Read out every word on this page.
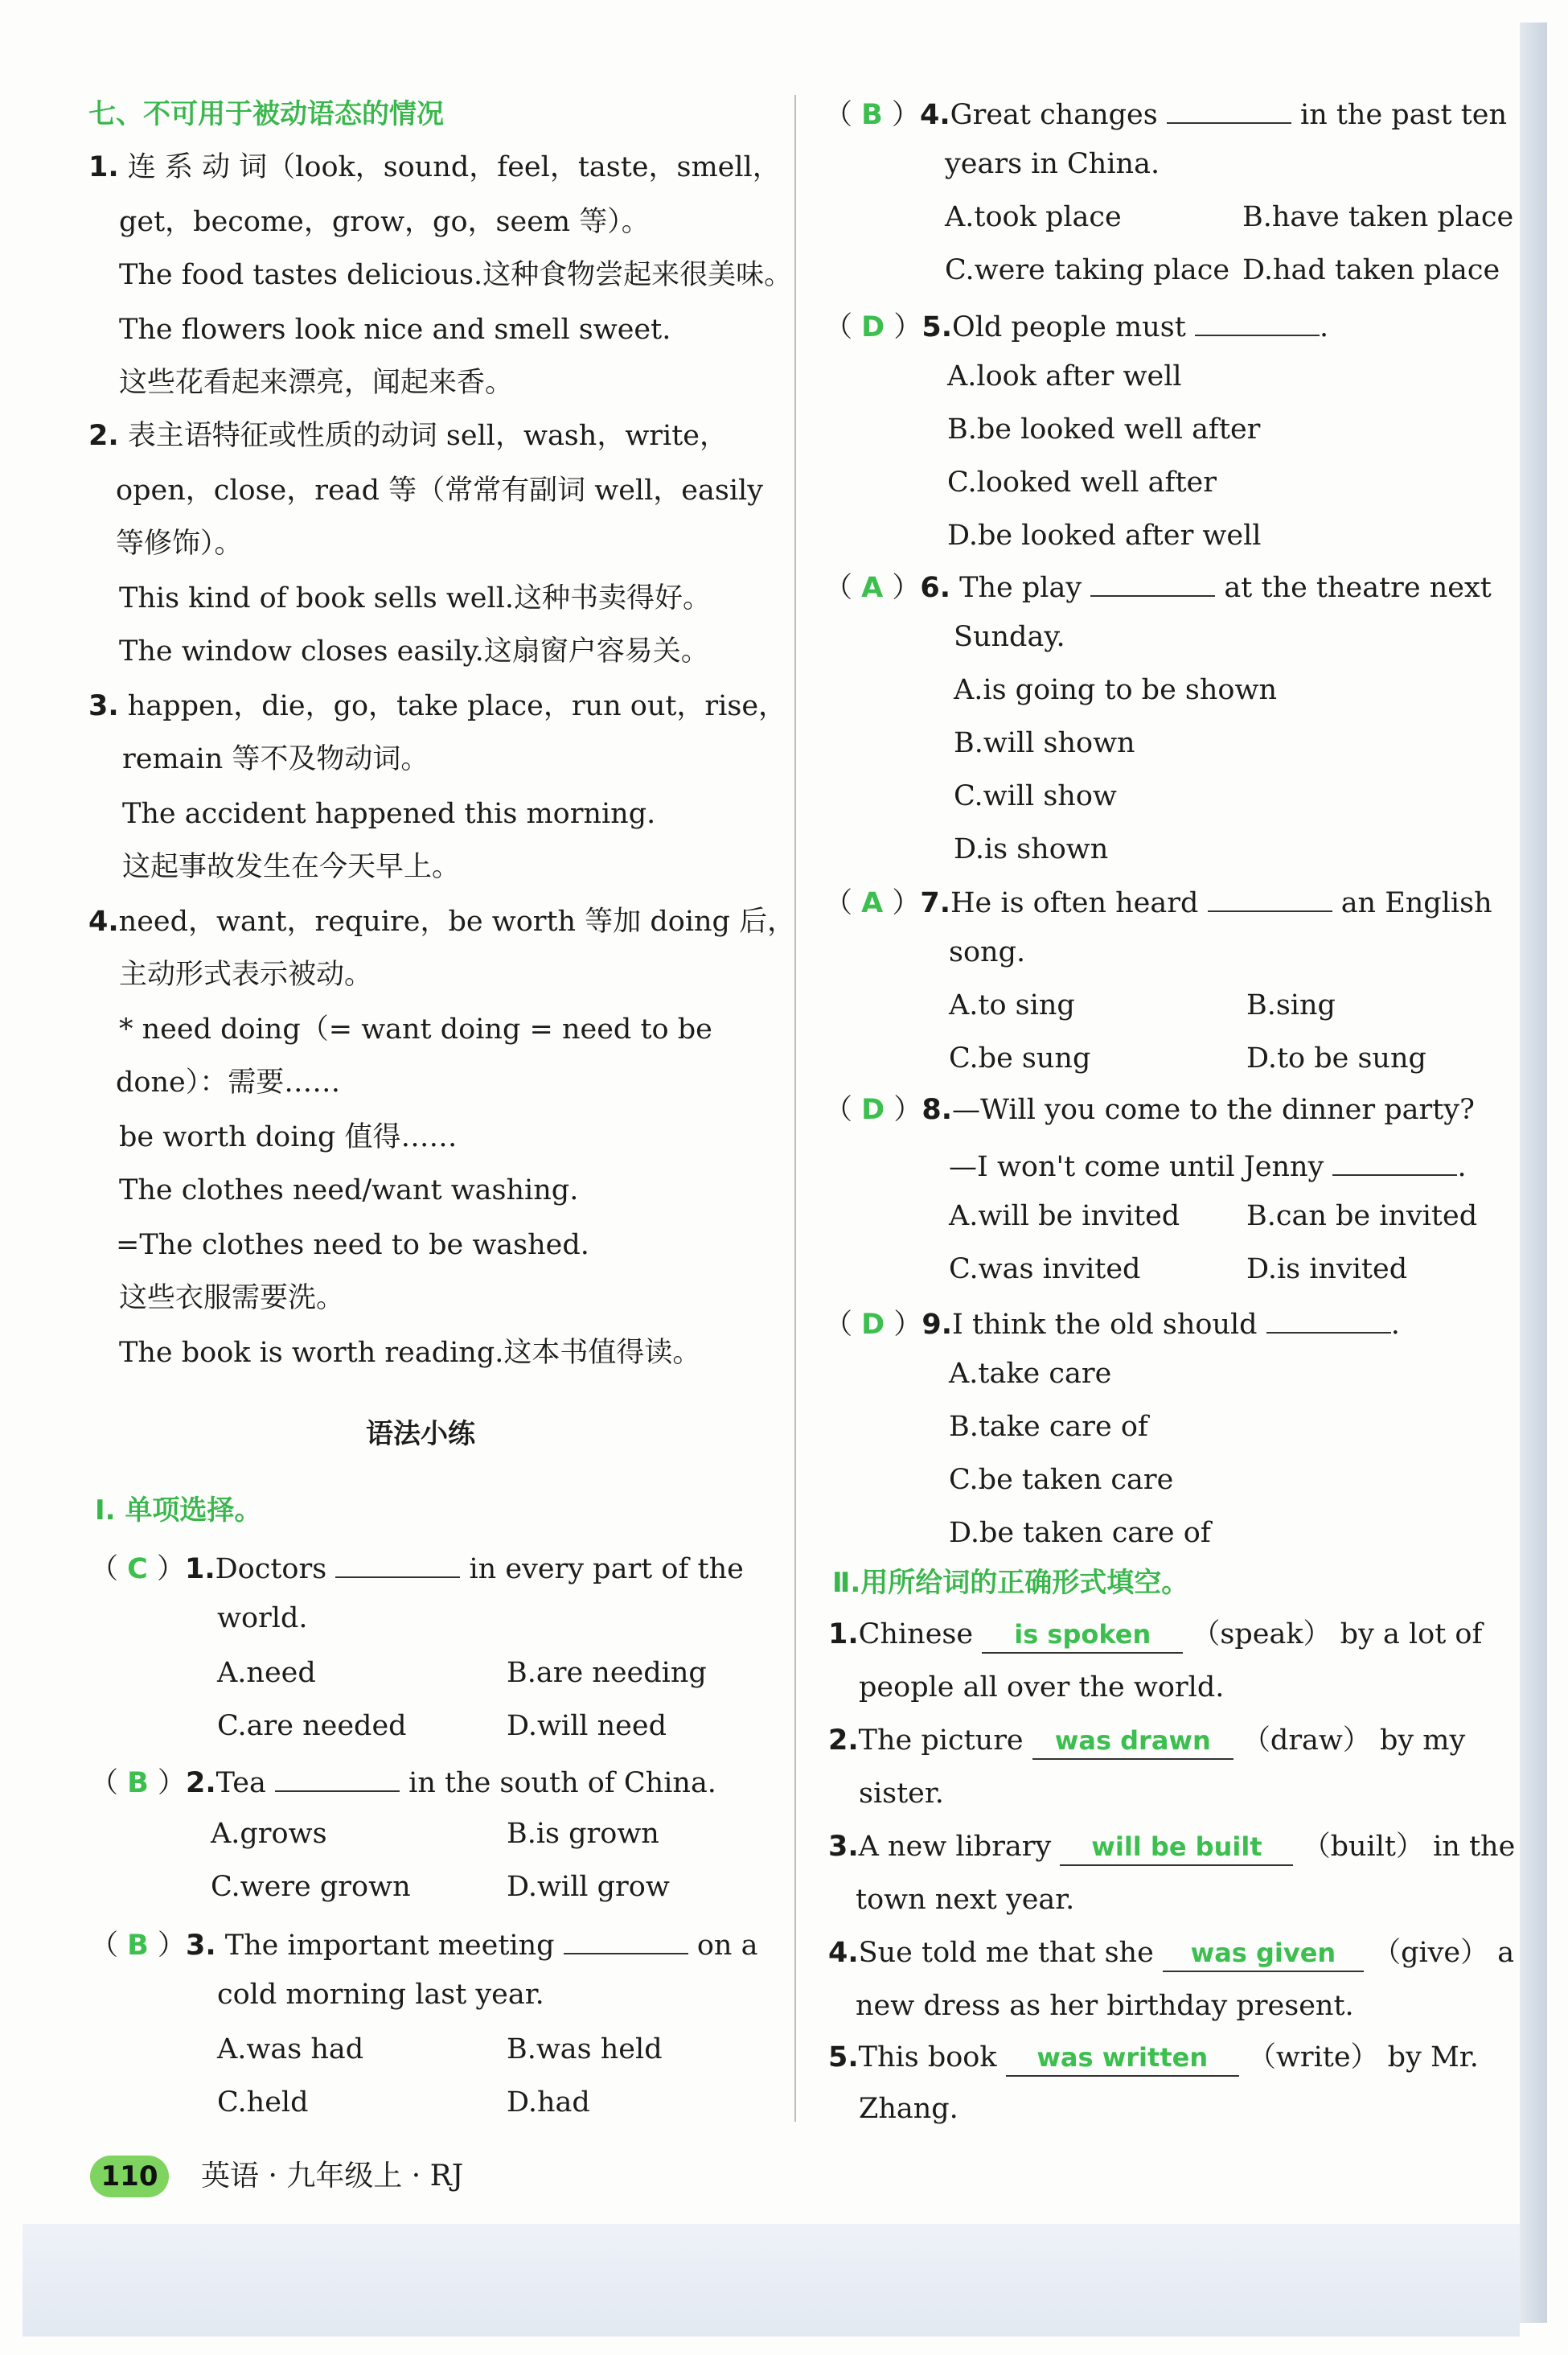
七、不可用于被动语态的情况
1. 连 系 动 词（look，sound，feel，taste，smell，
get，become，grow，go，seem 等）。
The food tastes delicious.这种食物尝起来很美味。
The flowers look nice and smell sweet.
这些花看起来漂亮，闻起来香。
2. 表主语特征或性质的动词 sell，wash，write，
open，close，read 等（常常有副词 well，easily
等修饰）。
This kind of book sells well.这种书卖得好。
The window closes easily.这扇窗户容易关。
3. happen，die，go，take place，run out，rise，
remain 等不及物动词。
The accident happened this morning.
这起事故发生在今天早上。
4.need，want，require，be worth 等加 doing 后，
主动形式表示被动。
* need doing（= want doing = need to be
done）：需要……
be worth doing 值得……
The clothes need/want washing.
=The clothes need to be washed.
这些衣服需要洗。
The book is worth reading.这本书值得读。
语法小练
Ⅰ. 单项选择。
（ C ）1.Doctors	in every part of the
world.
A.need	B.are needing
C.are needed	D.will need
（ B ）2.Tea	in the south of China.
A.grows	B.is grown
C.were grown	D.will grow
（ B ）3. The important meeting	on a
cold morning last year.
A.was had	B.was held
C.held	D.had
（ B ）4.Great changes	in the past ten
years in China.
A.took place	B.have taken place
C.were taking place D.had taken place
（ D ）5.Old people must	.
A.look after well
B.be looked well after
C.looked well after
D.be looked after well
（ A ）6. The play	at the theatre next
Sunday.
A.is going to be shown
B.will shown
C.will show
D.is shown
（ A ）7.He is often heard	an English
song.
A.to sing	B.sing
C.be sung	D.to be sung
（ D ）8.—Will you come to the dinner party?
—I won't come until Jenny	.
A.will be invited B.can be invited
C.was invited	D.is invited
（ D ）9.I think the old should	.
A.take care
B.take care of
C.be taken care
D.be taken care of
Ⅱ.用所给词的正确形式填空。
1.Chinese is spoken （speak） by a lot of
people all over the world.
2.The picture was drawn （draw） by my
sister.
3.A new library will be built （built） in the
town next year.
4.Sue told me that she was given （give） a
new dress as her birthday present.
5.This book was written （write） by Mr.
Zhang.
110	英语 · 九年级上 · RJ
